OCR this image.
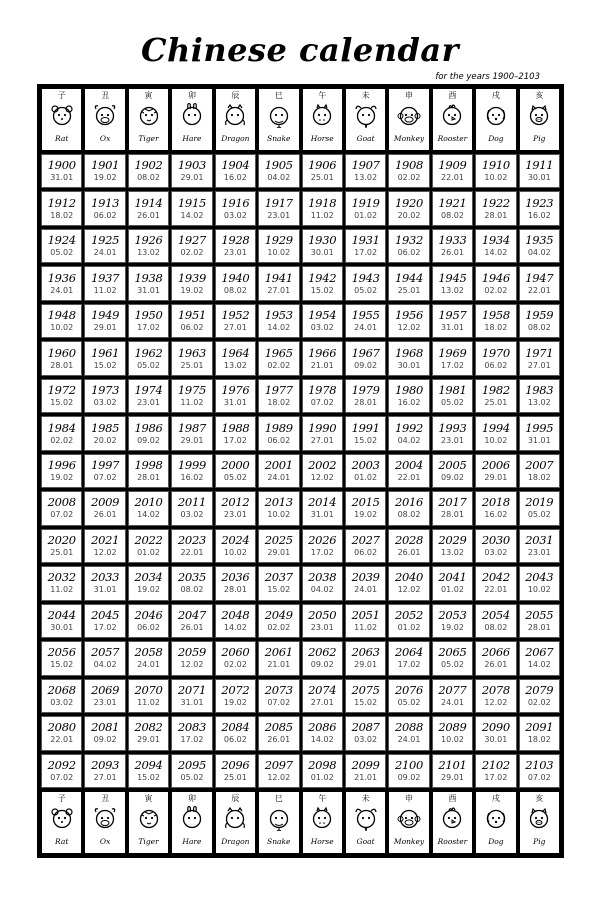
Chinese calendar
for the years 1900–2103
子
Rat
丑
Ox
寅
Tiger
卯
Hare
辰
Dragon
巳
Snake
午
Horse
未
Goat
申
Monkey
酉
Rooster
戌
Dog
亥
Pig
1900
31.01
1901
19.02
1902
08.02
1903
29.01
1904
16.02
1905
04.02
1906
25.01
1907
13.02
1908
02.02
1909
22.01
1910
10.02
1911
30.01
1912
18.02
1913
06.02
1914
26.01
1915
14.02
1916
03.02
1917
23.01
1918
11.02
1919
01.02
1920
20.02
1921
08.02
1922
28.01
1923
16.02
1924
05.02
1925
24.01
1926
13.02
1927
02.02
1928
23.01
1929
10.02
1930
30.01
1931
17.02
1932
06.02
1933
26.01
1934
14.02
1935
04.02
1936
24.01
1937
11.02
1938
31.01
1939
19.02
1940
08.02
1941
27.01
1942
15.02
1943
05.02
1944
25.01
1945
13.02
1946
02.02
1947
22.01
1948
10.02
1949
29.01
1950
17.02
1951
06.02
1952
27.01
1953
14.02
1954
03.02
1955
24.01
1956
12.02
1957
31.01
1958
18.02
1959
08.02
1960
28.01
1961
15.02
1962
05.02
1963
25.01
1964
13.02
1965
02.02
1966
21.01
1967
09.02
1968
30.01
1969
17.02
1970
06.02
1971
27.01
1972
15.02
1973
03.02
1974
23.01
1975
11.02
1976
31.01
1977
18.02
1978
07.02
1979
28.01
1980
16.02
1981
05.02
1982
25.01
1983
13.02
1984
02.02
1985
20.02
1986
09.02
1987
29.01
1988
17.02
1989
06.02
1990
27.01
1991
15.02
1992
04.02
1993
23.01
1994
10.02
1995
31.01
1996
19.02
1997
07.02
1998
28.01
1999
16.02
2000
05.02
2001
24.01
2002
12.02
2003
01.02
2004
22.01
2005
09.02
2006
29.01
2007
18.02
2008
07.02
2009
26.01
2010
14.02
2011
03.02
2012
23.01
2013
10.02
2014
31.01
2015
19.02
2016
08.02
2017
28.01
2018
16.02
2019
05.02
2020
25.01
2021
12.02
2022
01.02
2023
22.01
2024
10.02
2025
29.01
2026
17.02
2027
06.02
2028
26.01
2029
13.02
2030
03.02
2031
23.01
2032
11.02
2033
31.01
2034
19.02
2035
08.02
2036
28.01
2037
15.02
2038
04.02
2039
24.01
2040
12.02
2041
01.02
2042
22.01
2043
10.02
2044
30.01
2045
17.02
2046
06.02
2047
26.01
2048
14.02
2049
02.02
2050
23.01
2051
11.02
2052
01.02
2053
19.02
2054
08.02
2055
28.01
2056
15.02
2057
04.02
2058
24.01
2059
12.02
2060
02.02
2061
21.01
2062
09.02
2063
29.01
2064
17.02
2065
05.02
2066
26.01
2067
14.02
2068
03.02
2069
23.01
2070
11.02
2071
31.01
2072
19.02
2073
07.02
2074
27.01
2075
15.02
2076
05.02
2077
24.01
2078
12.02
2079
02.02
2080
22.01
2081
09.02
2082
29.01
2083
17.02
2084
06.02
2085
26.01
2086
14.02
2087
03.02
2088
24.01
2089
10.02
2090
30.01
2091
18.02
2092
07.02
2093
27.01
2094
15.02
2095
05.02
2096
25.01
2097
12.02
2098
01.02
2099
21.01
2100
09.02
2101
29.01
2102
17.02
2103
07.02
子
Rat
丑
Ox
寅
Tiger
卯
Hare
辰
Dragon
巳
Snake
午
Horse
未
Goat
申
Monkey
酉
Rooster
戌
Dog
亥
Pig
